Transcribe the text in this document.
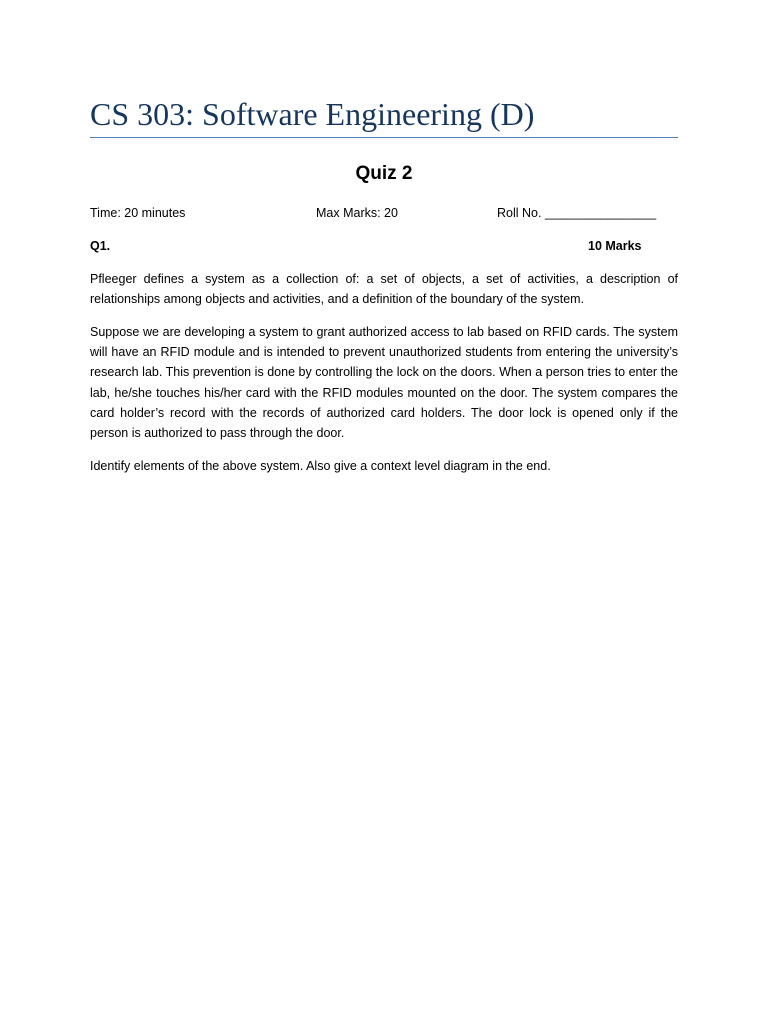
CS 303: Software Engineering (D)
Quiz 2
Time: 20 minutes	Max Marks: 20	Roll No. ________________
Q1.	10 Marks

Pfleeger defines a system as a collection of: a set of objects, a set of activities, a description of relationships among objects and activities, and a definition of the boundary of the system.

Suppose we are developing a system to grant authorized access to lab based on RFID cards. The system will have an RFID module and is intended to prevent unauthorized students from entering the university’s research lab. This prevention is done by controlling the lock on the doors. When a person tries to enter the lab, he/she touches his/her card with the RFID modules mounted on the door. The system compares the card holder’s record with the records of authorized card holders. The door lock is opened only if the person is authorized to pass through the door.

Identify elements of the above system. Also give a context level diagram in the end.
